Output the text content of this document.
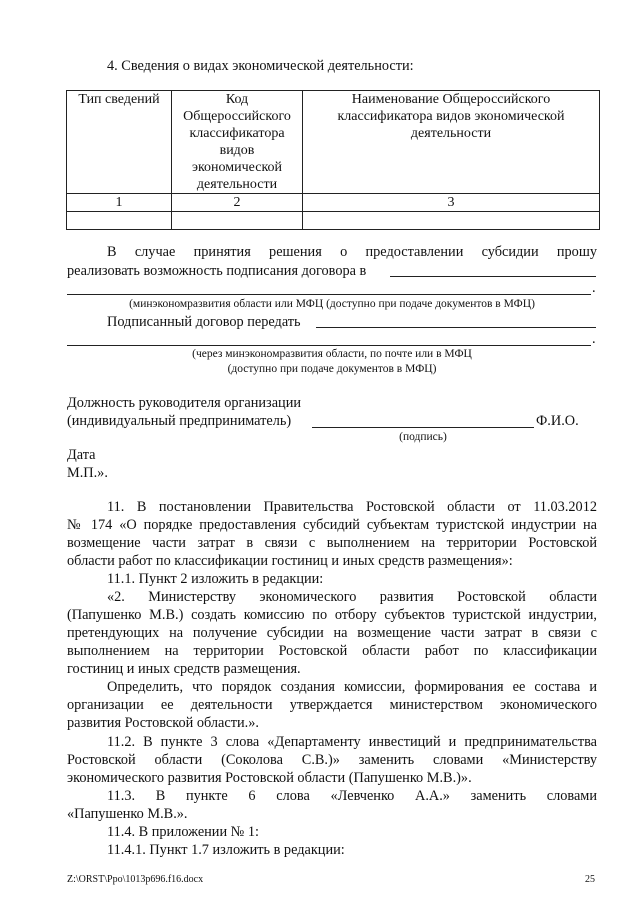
4. Сведения о видах экономической деятельности:
Тип сведений	Код Общероссийского классификатора видов экономической деятельности	Наименование Общероссийского классификатора видов экономической деятельности
1	2	3

В случае принятия решения о предоставлении субсидии прошу
реализовать возможность подписания договора в
.
(минэкономразвития области или МФЦ (доступно при подаче документов в МФЦ)
Подписанный договор передать
.
(через минэкономразвития области, по почте или в МФЦ
(доступно при подаче документов в МФЦ)
Должность руководителя организации
(индивидуальный предприниматель)	Ф.И.О.
(подпись)
Дата
М.П.».
11. В постановлении Правительства Ростовской области от 11.03.2012
№ 174 «О порядке предоставления субсидий субъектам туристской индустрии на
возмещение части затрат в связи с выполнением на территории Ростовской
области работ по классификации гостиниц и иных средств размещения»:
11.1. Пункт 2 изложить в редакции:
«2. Министерству экономического развития Ростовской области
(Папушенко М.В.) создать комиссию по отбору субъектов туристской индустрии,
претендующих на получение субсидии на возмещение части затрат в связи с
выполнением на территории Ростовской области работ по классификации
гостиниц и иных средств размещения.
Определить, что порядок создания комиссии, формирования ее состава и
организации ее деятельности утверждается министерством экономического
развития Ростовской области.».
11.2. В пункте 3 слова «Департаменту инвестиций и предпринимательства
Ростовской области (Соколова С.В.)» заменить словами «Министерству
экономического развития Ростовской области (Папушенко М.В.)».
11.3. В пункте 6 слова «Левченко А.А.» заменить словами
«Папушенко М.В.».
11.4. В приложении № 1:
11.4.1. Пункт 1.7 изложить в редакции:
Z:\ORST\Ppo\1013p696.f16.docx	25
